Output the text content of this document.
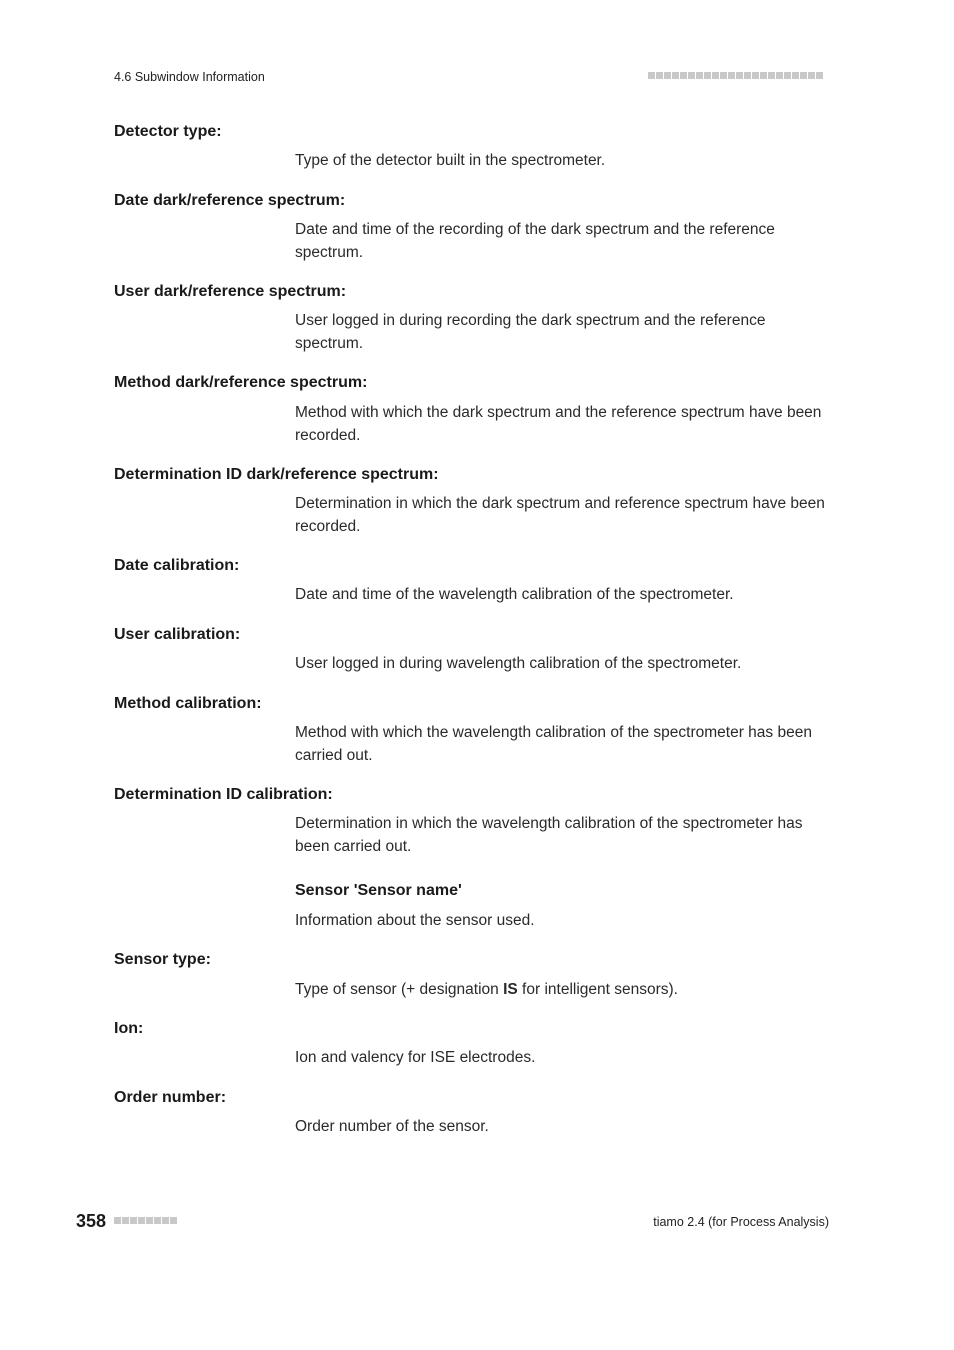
4.6 Subwindow Information
Detector type:
Type of the detector built in the spectrometer.
Date dark/reference spectrum:
Date and time of the recording of the dark spectrum and the reference spectrum.
User dark/reference spectrum:
User logged in during recording the dark spectrum and the reference spectrum.
Method dark/reference spectrum:
Method with which the dark spectrum and the reference spectrum have been recorded.
Determination ID dark/reference spectrum:
Determination in which the dark spectrum and reference spectrum have been recorded.
Date calibration:
Date and time of the wavelength calibration of the spectrometer.
User calibration:
User logged in during wavelength calibration of the spectrometer.
Method calibration:
Method with which the wavelength calibration of the spectrometer has been carried out.
Determination ID calibration:
Determination in which the wavelength calibration of the spectrometer has been carried out.
Sensor 'Sensor name'
Information about the sensor used.
Sensor type:
Type of sensor (+ designation IS for intelligent sensors).
Ion:
Ion and valency for ISE electrodes.
Order number:
Order number of the sensor.
358	tiamo 2.4 (for Process Analysis)
